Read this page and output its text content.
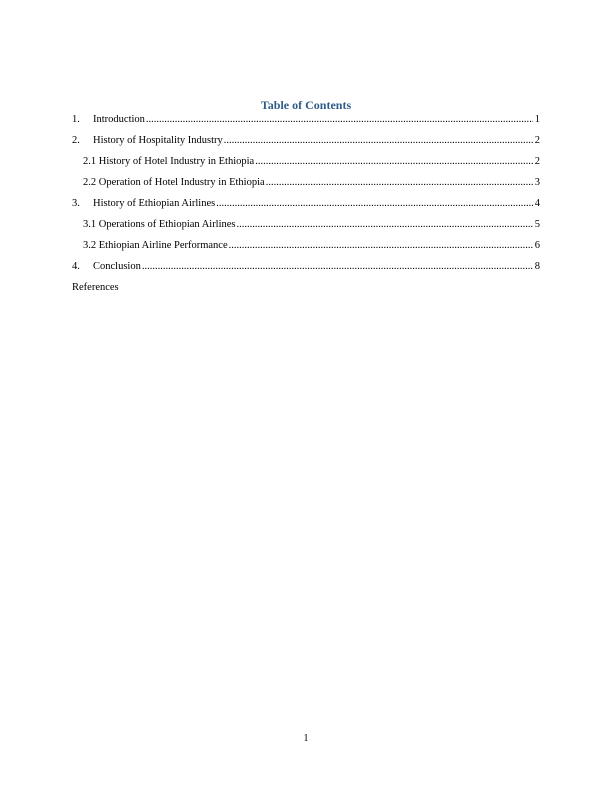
Table of Contents
1.	Introduction .....	1
2.	History of Hospitality Industry .....	2
2.1 History of Hotel Industry in Ethiopia .....	2
2.2 Operation of Hotel Industry in Ethiopia .....	3
3.	History of Ethiopian Airlines .....	4
3.1 Operations of Ethiopian Airlines .....	5
3.2 Ethiopian Airline Performance .....	6
4.	Conclusion .....	8
References
1
